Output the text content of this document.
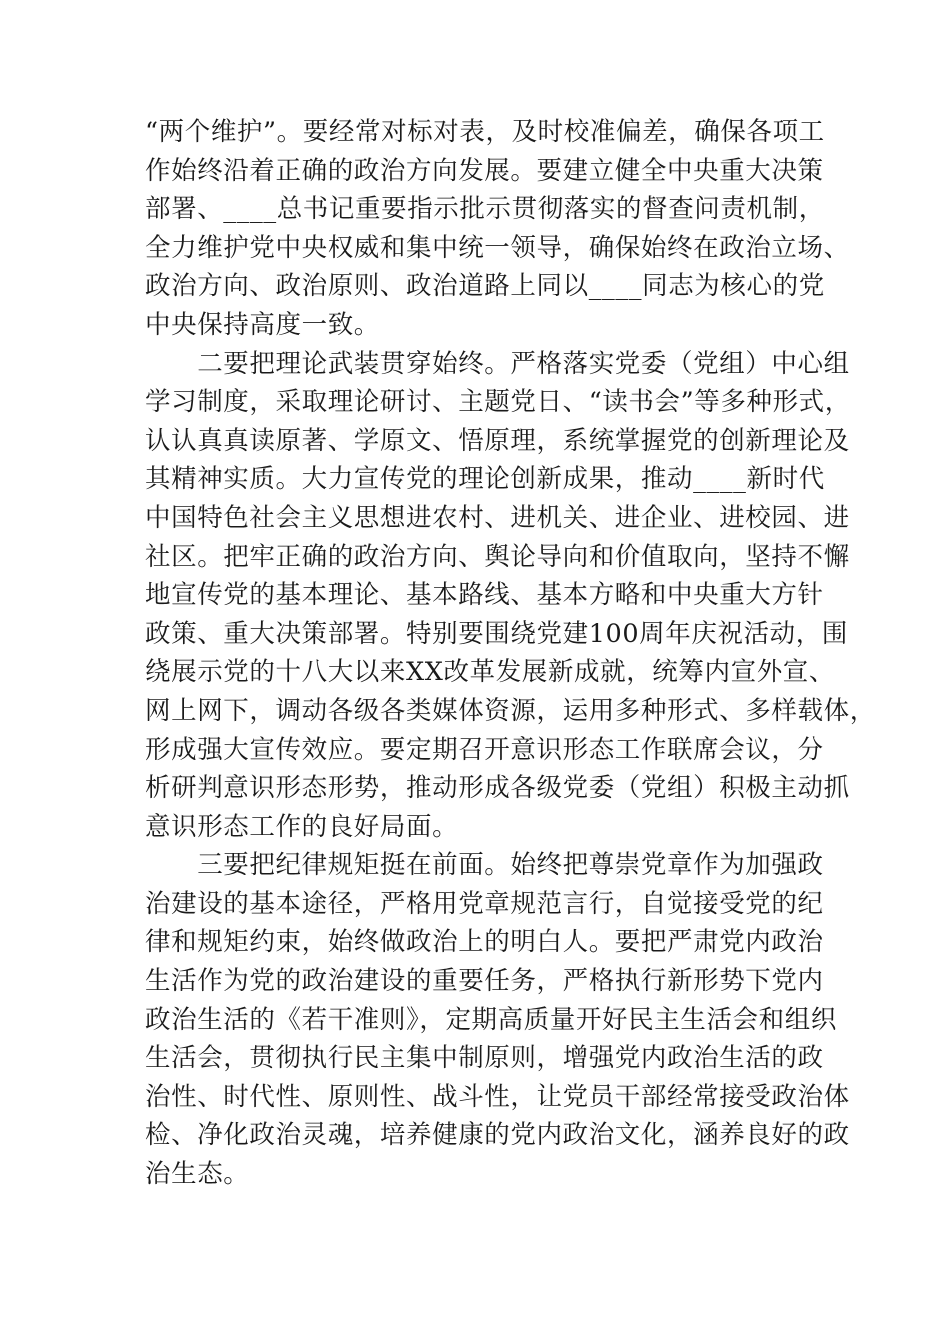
“两个维护”。要经常对标对表，及时校准偏差，确保各项工
作始终沿着正确的政治方向发展。要建立健全中央重大决策
部署、____总书记重要指示批示贯彻落实的督查问责机制，
全力维护党中央权威和集中统一领导，确保始终在政治立场、
政治方向、政治原则、政治道路上同以____同志为核心的党
中央保持高度一致。
　　二要把理论武装贯穿始终。严格落实党委（党组）中心组
学习制度，采取理论研讨、主题党日、“读书会”等多种形式，
认认真真读原著、学原文、悟原理，系统掌握党的创新理论及
其精神实质。大力宣传党的理论创新成果，推动____新时代
中国特色社会主义思想进农村、进机关、进企业、进校园、进
社区。把牢正确的政治方向、舆论导向和价值取向，坚持不懈
地宣传党的基本理论、基本路线、基本方略和中央重大方针
政策、重大决策部署。特别要围绕党建100周年庆祝活动，围
绕展示党的十八大以来XX改革发展新成就，统筹内宣外宣、
网上网下，调动各级各类媒体资源，运用多种形式、多样载体，
形成强大宣传效应。要定期召开意识形态工作联席会议，分
析研判意识形态形势，推动形成各级党委（党组）积极主动抓
意识形态工作的良好局面。
　　三要把纪律规矩挺在前面。始终把尊崇党章作为加强政
治建设的基本途径，严格用党章规范言行，自觉接受党的纪
律和规矩约束，始终做政治上的明白人。要把严肃党内政治
生活作为党的政治建设的重要任务，严格执行新形势下党内
政治生活的《若干准则》，定期高质量开好民主生活会和组织
生活会，贯彻执行民主集中制原则，增强党内政治生活的政
治性、时代性、原则性、战斗性，让党员干部经常接受政治体
检、净化政治灵魂，培养健康的党内政治文化，涵养良好的政
治生态。
